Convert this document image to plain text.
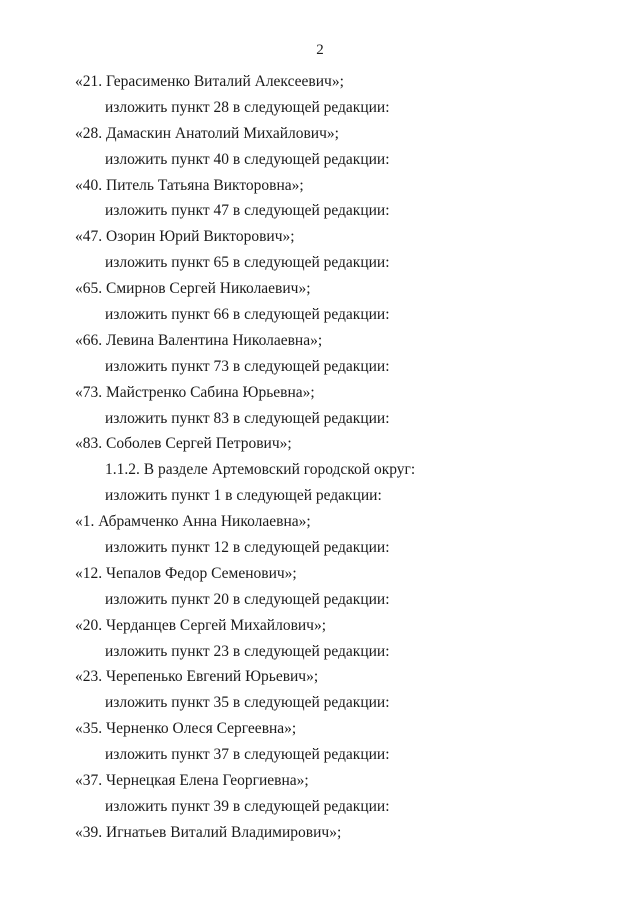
2
«21. Герасименко Виталий Алексеевич»;
изложить пункт 28 в следующей редакции:
«28. Дамаскин Анатолий Михайлович»;
изложить пункт 40 в следующей редакции:
«40. Питель Татьяна Викторовна»;
изложить пункт 47 в следующей редакции:
«47. Озорин Юрий Викторович»;
изложить пункт 65 в следующей редакции:
«65. Смирнов Сергей Николаевич»;
изложить пункт 66 в следующей редакции:
«66. Левина Валентина Николаевна»;
изложить пункт 73 в следующей редакции:
«73. Майстренко Сабина Юрьевна»;
изложить пункт 83 в следующей редакции:
«83. Соболев Сергей Петрович»;
1.1.2. В разделе Артемовский городской округ:
изложить пункт 1 в следующей редакции:
«1. Абрамченко Анна Николаевна»;
изложить пункт 12 в следующей редакции:
«12. Чепалов Федор Семенович»;
изложить пункт 20 в следующей редакции:
«20. Черданцев Сергей Михайлович»;
изложить пункт 23 в следующей редакции:
«23. Черепенько Евгений Юрьевич»;
изложить пункт 35 в следующей редакции:
«35. Черненко Олеся Сергеевна»;
изложить пункт 37 в следующей редакции:
«37. Чернецкая Елена Георгиевна»;
изложить пункт 39 в следующей редакции:
«39. Игнатьев Виталий Владимирович»;
